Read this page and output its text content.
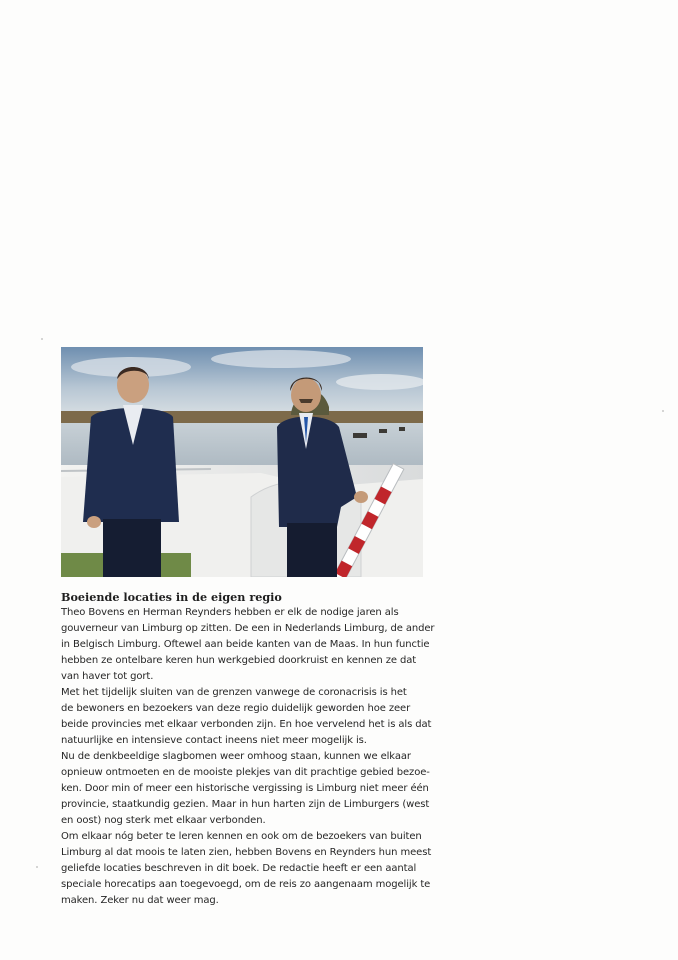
Boeiende locaties in de eigen regio
Theo Bovens en Herman Reynders hebben er elk de nodige jaren als
gouverneur van Limburg op zitten. De een in Nederlands Limburg, de ander
in Belgisch Limburg. Oftewel aan beide kanten van de Maas. In hun functie
hebben ze ontelbare keren hun werkgebied doorkruist en kennen ze dat
van haver tot gort.
Met het tijdelijk sluiten van de grenzen vanwege de coronacrisis is het
de bewoners en bezoekers van deze regio duidelijk geworden hoe zeer
beide provincies met elkaar verbonden zijn. En hoe vervelend het is als dat
natuurlijke en intensieve contact ineens niet meer mogelijk is.
Nu de denkbeeldige slagbomen weer omhoog staan, kunnen we elkaar
opnieuw ontmoeten en de mooiste plekjes van dit prachtige gebied bezoe-
ken. Door min of meer een historische vergissing is Limburg niet meer één
provincie, staatkundig gezien. Maar in hun harten zijn de Limburgers (west
en oost) nog sterk met elkaar verbonden.
Om elkaar nóg beter te leren kennen en ook om de bezoekers van buiten
Limburg al dat moois te laten zien, hebben Bovens en Reynders hun meest
geliefde locaties beschreven in dit boek. De redactie heeft er een aantal
speciale horecatips aan toegevoegd, om de reis zo aangenaam mogelijk te
maken. Zeker nu dat weer mag.
